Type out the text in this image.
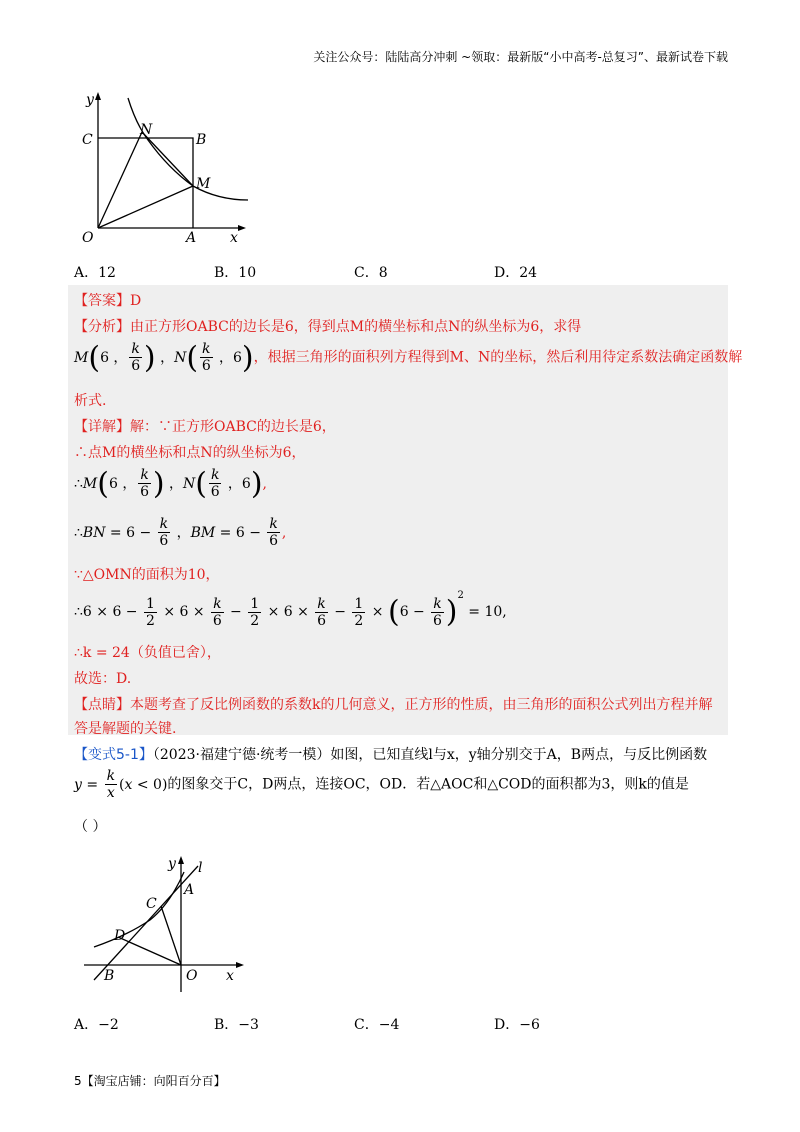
关注公众号：陆陆高分冲刺 ~领取：最新版“小中高考-总复习”、最新试卷下载
y
x
C
N
B
M
O	A
A．12	B．10	C．8	D．24
【答案】D
【分析】由正方形OABC的边长是6，得到点M的横坐标和点N的纵坐标为6，求得
M(6 ， $\frac{k}{6}$ ) ，$N( \frac{k}{6}$ ，6)，根据三角形的面积列方程得到M、N的坐标，然后利用待定系数法确定函数解
析式.
【详解】解：∵正方形OABC的边长是6，
∴点M的横坐标和点N的纵坐标为6，
∴M(6 ， $\frac{k}{6}$ ) ，$N( \frac{k}{6}$ ，6),
∴BN = $6 - \frac{k}{6}$ ，BM = $6 - \frac{k}{6}$ ,
∵△OMN的面积为10，
∴6 × $6 - \frac{1}{2} \times 6 \times \frac{k}{6} - \frac{1}{2} \times 6 \times \frac{k}{6} - \frac{1}{2} \times (6 - \frac{k}{6} )^2 = 10$,
∴k = 24（负值已舍），
故选：D.
【点睛】本题考查了反比例函数的系数k的几何意义，正方形的性质，由三角形的面积公式列出方程并解
答是解题的关键.
【变式5-1】（2023·福建宁德·统考一模）如图，已知直线l与x，y轴分别交于A，B两点，与反比例函数
$y = \frac{k}{x} (x < 0)$的图象交于C，D两点，连接OC，OD．若△AOC和△COD的面积都为3，则k的值是
（ ）
y l
A
C
D
B	O x
A．−2	B．−3	C．−4	D．−6
5【淘宝店铺：向阳百分百】
